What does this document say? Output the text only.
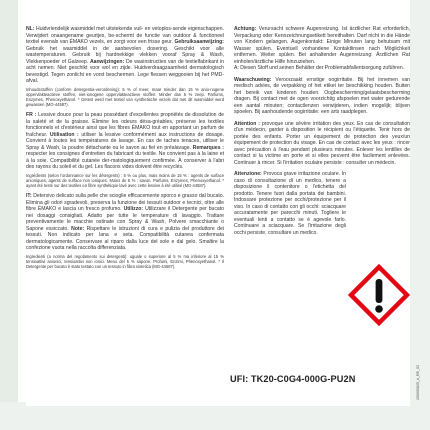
NL: Huidvriendelijk wasmiddel met uitstekende vuil- en vetoplos-sende eigenschappen. Verwijdert onaangename geurtjes, be-schermt de functie van outdoor & functioneel textiel evenals van ÉMAKO vezels, en zorgt voor een frisse geur. Gebruiksaanwijzing: Gebruik het wasmiddel in de aanbevolen dosering. Geschikt voor alle wastemperaturen. Gebruik bij hardnekkige vlekken vooraf Spray & Wash, Vlekkenpoeder of Galzeep. Aanwijzingen: De wasinstructies van de textielfabrikant in acht nemen. Niet geschikt voor wol en zijde. Huidverdraagzaamheid dermatologisch bevestigd. Tegen zonlicht en vorst beschermen. Lege flessen weggooien bij het PMD-afval.

Inhoudsstoffen (conform detergentia-verordening): 5 % of meer, maar minder dan 15 % anio-nogene oppervlakteactieve stoffen, niet-ionogene oppervlakteactieve stoffen. Minder dan 5 % zeep. Parfums, Enzymes, Phenoxyethanol. * Getest werd met textiel van synthetische vezels dat met dit wasmiddel werd gewassen (MG-44587).

FR : Lessive douce pour la peau possédant d'excellentes propriétés de dissolution de la saleté et de la graisse. Élimine les odeurs désa-gréables, préserve les textiles fonctionnels et d'extérieur ainsi que les fibres ÉMAKO tout en apportant un parfum de fraîcheur. Utilisation : utiliser la lessive conformément aux instructions de dosage. Convient à toutes les températures de lavage. En cas de taches tenaces, utiliser le Spray & Wash, la poudre détachante ou le savon au fiel en préalavage. Remarques : respecter les consignes d'entretien du fabricant du textile. Ne convient pas à la laine et à la soie. Compatibilité cutanée der-matologiquement confirmée. À conserver à l'abri des rayons du soleil et du gel. Les flacons vides doivent être recyclés.

Ingrédients (selon l'ordonnance sur les détergents) : 5 % ou plus, mais moins de 15 % : agents de surface anioniques, agents de surface non ioniques. Moins de 5 % : savon. Parfums, Enzymes, Phenoxyethanol. * ayant été testé sur des textiles en fibre synthétique lavé avec cette lessive à été utilisé (MG-44587).

IT: Detersivo delicato sulla pelle che scioglie efficacemente sporco e grasso dal bucato. Elimina gli odori sgradevoli, preserva la funzione dei tessuti outdoor e tecnici, oltre alle fibre ÉMAKO e lascia un fresco profumo. Utilizzo: Utilizzare il Detergente per bucato nei dosaggi consigliati. Adatto per tutte le temperature di lavaggio. Trattare preventivamente le macchie ostinate con Spray & Wash, Polvere smacchiante o Sapone essiccato. Note: Rispettare le istruzioni di cura e pulizia del produttore dei tessuti. Non indicato per lana e seta. Compatibilità cutanea confermata dermatologicamente. Conservare al riparo dalla luce del sole e dal gelo. Smaltire la confezione vuota nella raccolta differenziata.

Ingredienti (a norma del regolamento sui detergenti): uguale o superiore al 5 % ma inferiore al 15 % tensioattivi anionici, tensioattivi non ionici. Meno del 5 % sapone. Profumi, Enzimi, Phenoxyethanol. * Il Detergente per bucato è stato testato con un tessuto in fibra sintetica (MG-44587).

Achtung: Verursacht schwere Augenreizung. Ist ärztlicher Rat erforderlich, Verpackung oder Kennzeichnungsetikett bereithalten. Darf nicht in die Hände von Kindern gelangen. Augenkontakt: Einige Minuten lang behutsam mit Wasser spülen. Eventuell vorhandene Kontaktlinsen nach Möglichkeit entfernen. Weiter spülen. Bei anhaltender Augenreizung: Ärztlichen Rat einholen/ärztliche Hilfe hinzuziehen.
A: Diesen Stoff und seinen Behälter der Problemabfallentsorgung zuführen.

Waarschuwing: Veroorzaakt ernstige oogirritatie. Bij het innemen van medisch advies, de verpakking of het etiket ter beschikking houden. Buiten het bereik van kinderen houden. Oogbescherming/gelaatsbescherming dragen. Bij contact met de ogen voorzichtig afspoelen met water gedurende een aantal minuten; contactlenzen verwijderen, indien mogelijk; blijven spoelen. Bij aanhoudende oogirritatie: een arts raadplegen.

Attention : provoque une sévère irritation des yeux. En cas de consultation d'un médecin, garder à disposition le récipient ou l'étiquette. Tenir hors de portée des enfants. Porter un équipement de protection des yeux/un équipement de protection du visage. En cas de contact avec les yeux : rincer avec précaution à l'eau pendant plusieurs minutes. Enlever les lentilles de contact si la victime en porte et si elles peuvent être facilement enlevées. Continuer à rincer. Si l'irritation oculaire persiste : consulter un médecin.

Attenzione: Provoca grave irritazione oculare. In caso di consultazione di un medico, tenere a disposizione il contenitore o l'etichetta del prodotto. Tenere fuori dalla portata dei bambini. Indossare protezione per occhi/protezione per il viso. In caso di contatto con gli occhi: sciacquare accuratamente per parecchi minuti. Togliere le eventuali lenti a contatto se è agevole farlo. Continuare a sciacquare. Se l'irritazione degli occhi persiste, consultare un medico.

UFI: TK20-C0G4-000G-PU2N	200000825_b_RE_03
